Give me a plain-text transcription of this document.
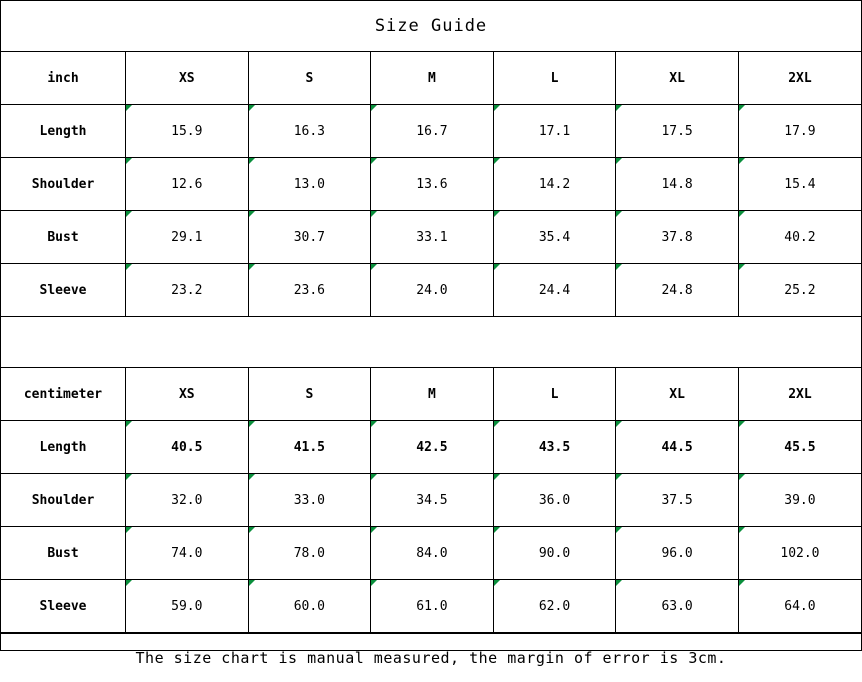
Size Guide
inch	XS	S	M	L	XL	2XL
Length	15.9	16.3	16.7	17.1	17.5	17.9
Shoulder	12.6	13.0	13.6	14.2	14.8	15.4
Bust	29.1	30.7	33.1	35.4	37.8	40.2
Sleeve	23.2	23.6	24.0	24.4	24.8	25.2
centimeter	XS	S	M	L	XL	2XL
Length	40.5	41.5	42.5	43.5	44.5	45.5
Shoulder	32.0	33.0	34.5	36.0	37.5	39.0
Bust	74.0	78.0	84.0	90.0	96.0	102.0
Sleeve	59.0	60.0	61.0	62.0	63.0	64.0
The size chart is manual measured, the margin of error is 3cm.
